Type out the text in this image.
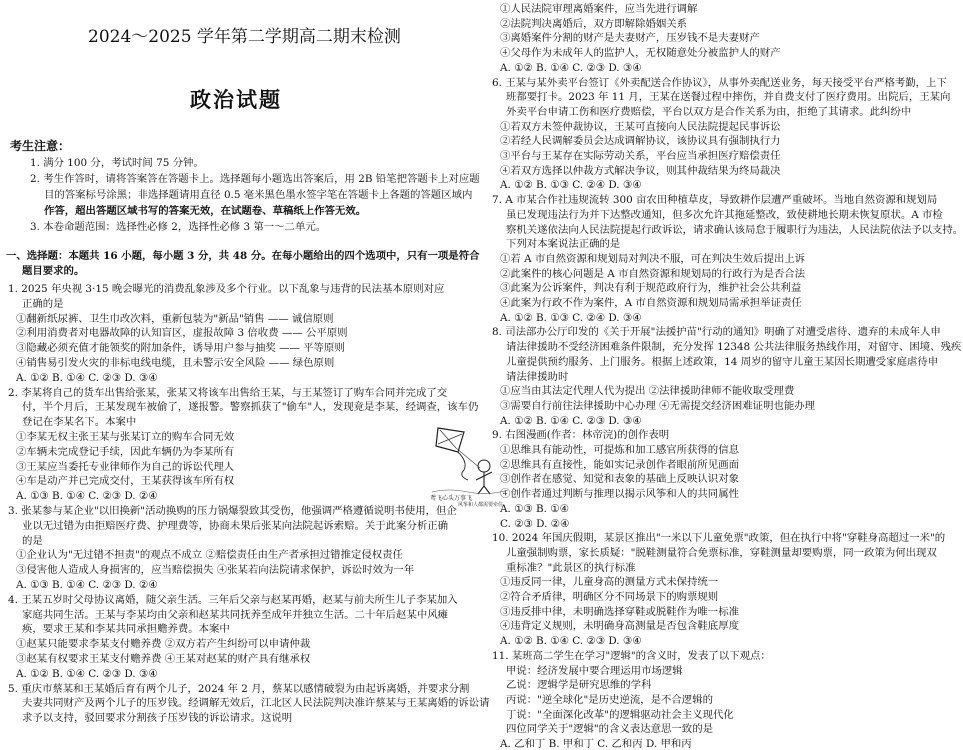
2024～2025 学年第二学期高二期末检测
政治试题
考生注意：
1. 满分 100 分，考试时间 75 分钟。
2. 考生作答时，请将答案答在答题卡上。选择题每小题选出答案后，用 2B 铅笔把答题卡上对应题
目的答案标号涂黑；非选择题请用直径 0.5 毫米黑色墨水签字笔在答题卡上各题的答题区域内
作答，超出答题区域书写的答案无效，在试题卷、草稿纸上作答无效。
3. 本卷命题范围：选择性必修 2，选择性必修 3 第一～二单元。
一、选择题：本题共 16 小题，每小题 3 分，共 48 分。在每小题给出的四个选项中，只有一项是符合
题目要求的。
1. 2025 年央视 3·15 晚会曝光的消费乱象涉及多个行业。以下乱象与违背的民法基本原则对应
正确的是
①翻新纸尿裤、卫生巾改次料，重新包装为"新品"销售 —— 诚信原则
②利用消费者对电器故障的认知盲区，虚报故障 3 倍收费 —— 公平原则
③隐藏必须充值才能领奖的附加条件，诱导用户参与抽奖 —— 平等原则
④销售易引发火灾的非标电线电缆，且未警示安全风险 —— 绿色原则
A. ①② B. ①④ C. ②③ D. ③④
2. 李某将自己的货车出售给张某，张某又将该车出售给王某，与王某签订了购车合同并完成了交
付，半个月后，王某发现车被偷了，遂报警。警察抓获了"偷车"人，发现竟是李某，经调查，该车仍
登记在李某名下。本案中
①李某无权主张王某与张某订立的购车合同无效
②车辆未完成登记手续，因此车辆仍为李某所有
③王某应当委托专业律师作为自己的诉讼代理人
④车是动产并已完成交付，王某获得该车所有权
A. ①③ B. ①④ C. ②③ D. ②④
3. 张某参与某企业"以旧换新"活动换购的压力锅爆裂致其受伤，他强调严格遵循说明书使用，但企
业以无过错为由拒赔医疗费、护理费等，协商未果后张某向法院起诉索赔。关于此案分析正确
的是
①企业认为"无过错不担责"的观点不成立 ②赔偿责任由生产者承担过错推定侵权责任
③侵害他人造成人身损害的，应当赔偿损失 ④张某若向法院请求保护，诉讼时效为一年
A. ①③ B. ①④ C. ②③ D. ②④
4. 王某五岁时父母协议离婚，随父亲生活。三年后父亲与赵某再婚，赵某与前夫所生儿子李某加入
家庭共同生活。王某与李某均由父亲和赵某共同抚养至成年并独立生活。二十年后赵某中风瘫
痪，要求王某和李某共同承担赡养费。本案中
①赵某只能要求李某支付赡养费 ②双方若产生纠纷可以申请仲裁
③赵某有权要求王某支付赡养费 ④王某对赵某的财产具有继承权
A. ①② B. ①④ C. ②③ D. ③④
5. 重庆市蔡某和王某婚后育有两个儿子，2024 年 2 月，蔡某以感情破裂为由起诉离婚，并要求分割
夫妻共同财产及两个儿子的压岁钱。经调解无效后，江北区人民法院判决准许蔡某与王某离婚的诉讼请
求予以支持，驳回要求分割孩子压岁钱的诉讼请求。这说明
①人民法院审理离婚案件，应当先进行调解
②法院判决离婚后，双方即解除婚姻关系
③离婚案件分割的财产是夫妻财产，压岁钱不是夫妻财产
④父母作为未成年人的监护人，无权随意处分被监护人的财产
A. ①② B. ①④ C. ②③ D. ③④
6. 王某与某外卖平台签订《外卖配送合作协议》，从事外卖配送业务，每天接受平台严格考勤，上下
班都要打卡。2023 年 11 月，王某在送餐过程中摔伤，并自费支付了医疗费用。出院后，王某向
外卖平台申请工伤和医疗费赔偿，平台以双方是合作关系为由，拒绝了其请求。此纠纷中
①若双方未签仲裁协议，王某可直接向人民法院提起民事诉讼
②若经人民调解委员会达成调解协议，该协议具有强制执行力
③平台与王某存在实际劳动关系，平台应当承担医疗赔偿责任
④若双方选择以仲裁方式解决争议，则其仲裁结果为终局裁决
A. ①② B. ①③ C. ②④ D. ③④
7. A 市某合作社违规流转 300 亩农田种植草皮，导致耕作层遭严重破坏。当地自然资源和规划局
虽已发现违法行为并下达整改通知，但多次允许其拖延整改，致使耕地长期未恢复原状。A 市检
察机关遂依法向人民法院提起行政诉讼，请求确认该局怠于履职行为违法，人民法院依法予以支持。
下列对本案说法正确的是
①若 A 市自然资源和规划局对判决不服，可在判决生效后提出上诉
②此案件的核心问题是 A 市自然资源和规划局的行政行为是否合法
③此案为公诉案件，判决有利于规范政府行为，维护社会公共利益
④此案为行政不作为案件，A 市自然资源和规划局需承担举证责任
A. ①② B. ①③ C. ②④ D. ③④
8. 司法部办公厅印发的《关于开展"法援护苗"行动的通知》明确了对遭受虐待、遗弃的未成年人申
请法律援助不受经济困难条件限制，充分发挥 12348 公共法律服务热线作用，对留守、困境、残疾
儿童提供预约服务、上门服务。根据上述政策，14 周岁的留守儿童王某因长期遭受家庭虐待申
请法律援助时
①应当由其法定代理人代为提出 ②法律援助律师不能收取受理费
③需要自行前往法律援助中心办理 ④无需提交经济困难证明也能办理
A. ①② B. ①④ C. ②③ D. ③④
9. 右图漫画(作者：林帝浣)的创作表明
①思维具有能动性，可提炼和加工感官所获得的信息
②思维具有直接性，能如实记录创作者眼前所见画面
③创作者在感觉、知觉和表象的基础上反映认识对象
④创作者通过判断与推理以揭示风筝和人的共同属性
A. ①③ B. ①④
C. ②③ D. ②④
10. 2024 年国庆假期，某景区推出"一米以下儿童免票"政策，但在执行中将"穿鞋身高超过一米"的
儿童强制购票，家长质疑："脱鞋测量符合免票标准，穿鞋测量却要购票，同一政策为何出现双
重标准？"此景区的执行标准
①违反同一律，儿童身高的测量方式未保持统一
②符合矛盾律，明确区分不同场景下的购票规则
③违反排中律，未明确选择穿鞋或脱鞋作为唯一标准
④违背定义规则，未明确身高测量是否包含鞋底厚度
A. ①② B. ①④ C. ②③ D. ③④
11. 某班高二学生在学习"逻辑"的含义时，发表了以下观点：
甲说：经济发展中要合理运用市场逻辑
乙说：逻辑学是研究思维的学科
丙说："逆全球化"是历史逆流，是不合逻辑的
丁说："全面深化改革"的逻辑驱动社会主义现代化
四位同学关于"逻辑"的含义表达意思一致的是
A. 乙和丁 B. 甲和丁 C. 乙和丙 D. 甲和丙
鸢飞心头万事飞
风筝和人都需要牵住
